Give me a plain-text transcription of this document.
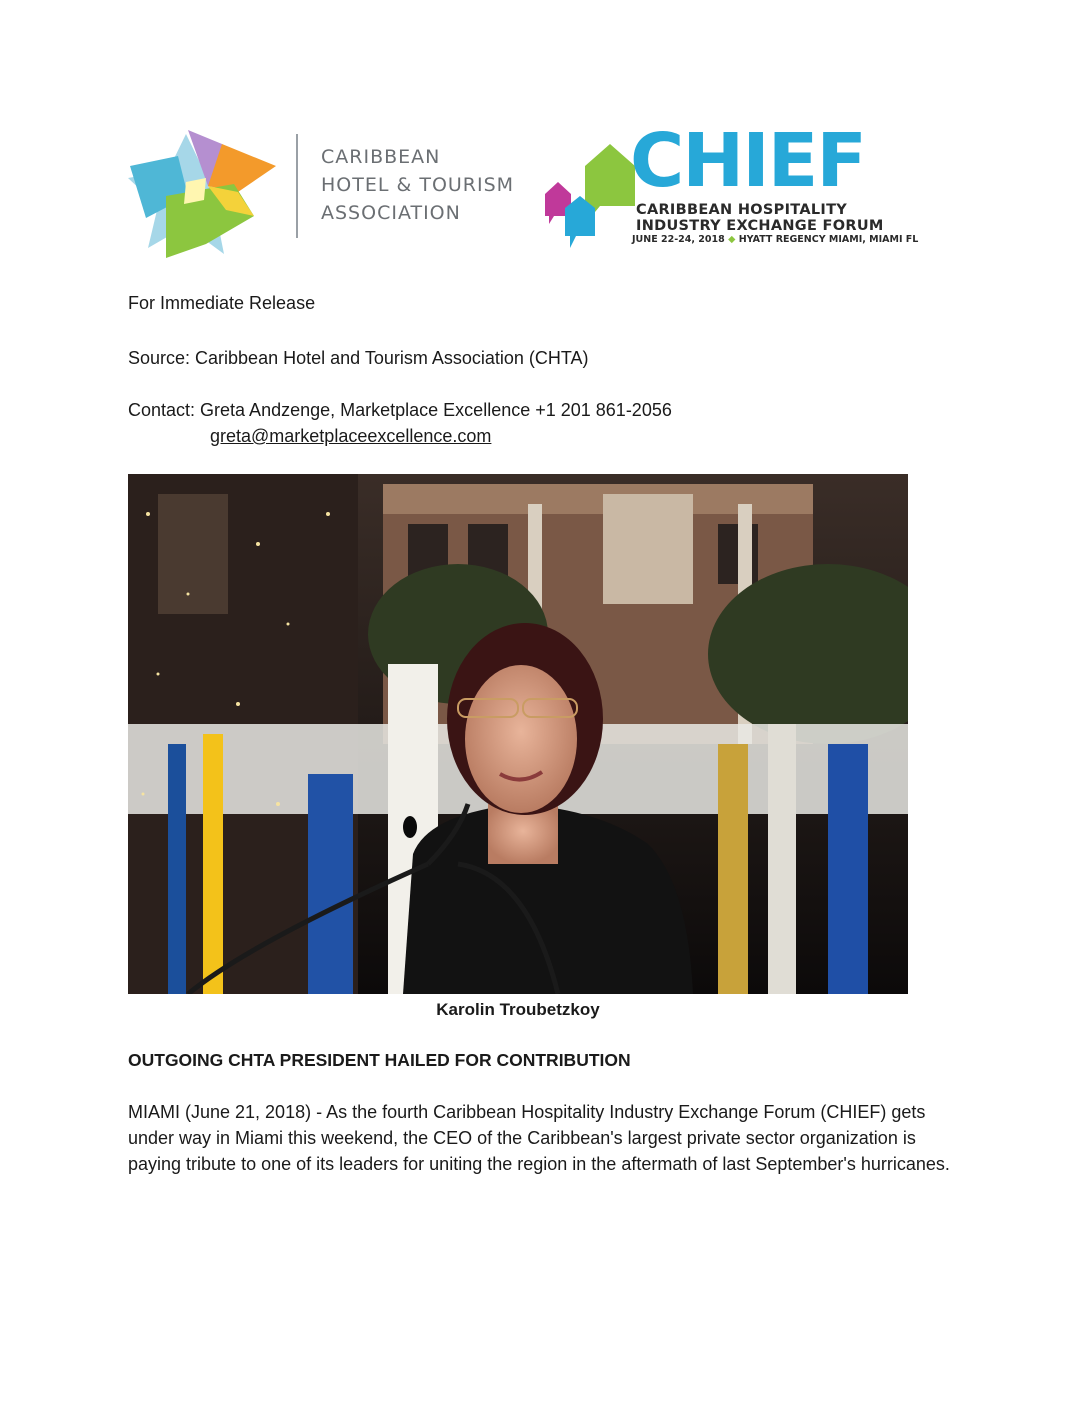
CARIBBEAN
HOTEL & TOURISM
ASSOCIATION
CHIEF
CARIBBEAN HOSPITALITY
INDUSTRY EXCHANGE FORUM
JUNE 22-24, 2018 ◆ HYATT REGENCY MIAMI, MIAMI FL
For Immediate Release
Source: Caribbean Hotel and Tourism Association (CHTA)
Contact: Greta Andzenge, Marketplace Excellence +1 201 861-2056
greta@marketplaceexcellence.com
Karolin Troubetzkoy
OUTGOING CHTA PRESIDENT HAILED FOR CONTRIBUTION

MIAMI (June 21, 2018) - As the fourth Caribbean Hospitality Industry Exchange Forum (CHIEF) gets under way in Miami this weekend, the CEO of the Caribbean's largest private sector organization is paying tribute to one of its leaders for uniting the region in the aftermath of last September's hurricanes.
